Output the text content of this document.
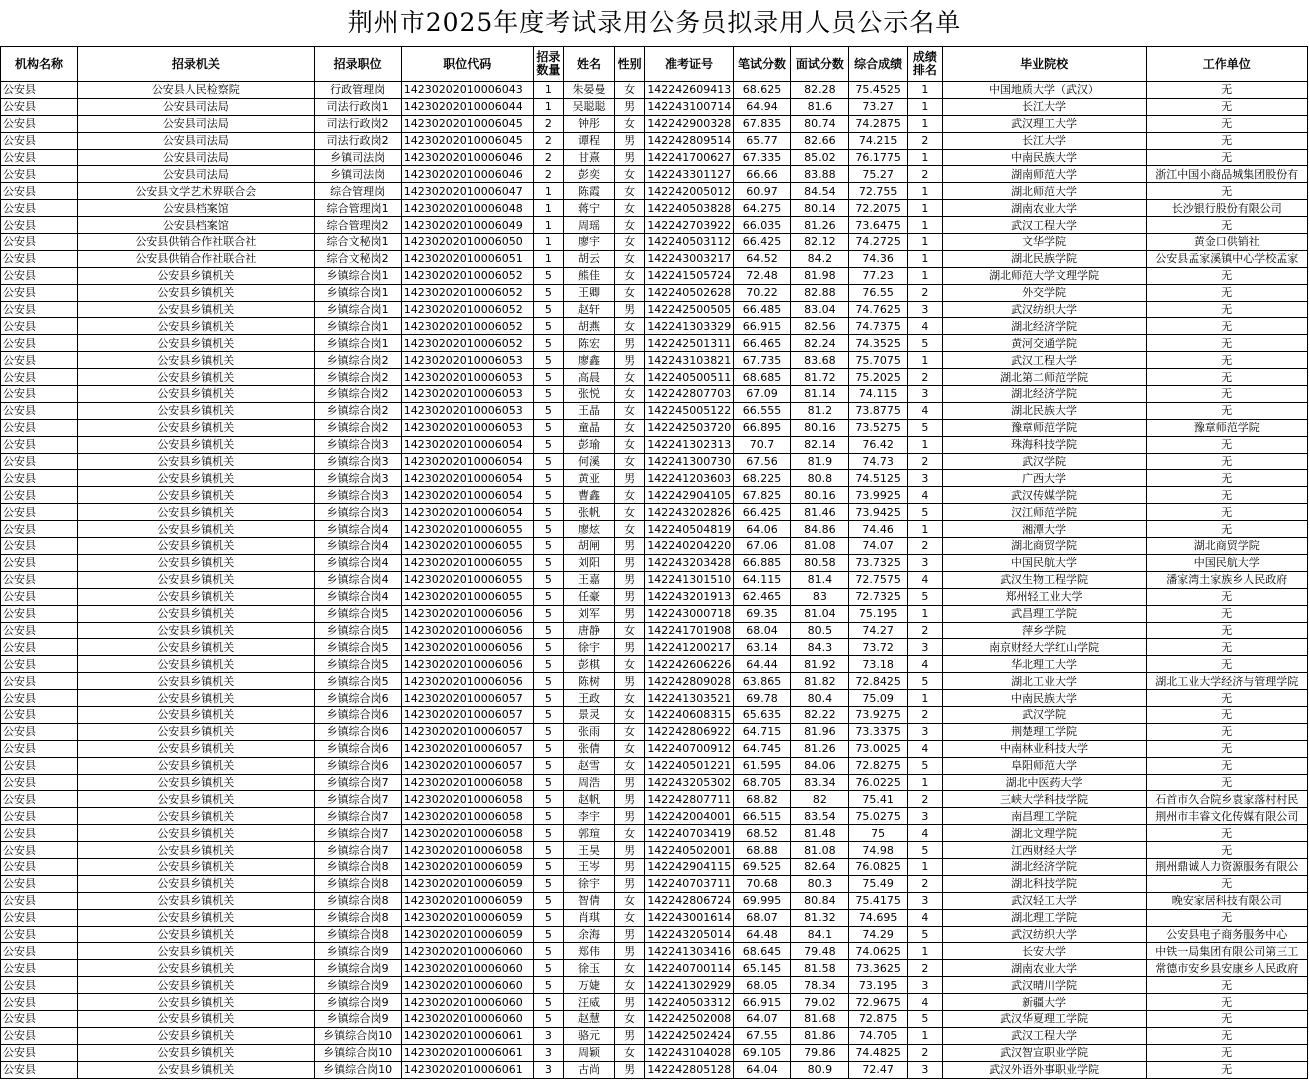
荆州市2025年度考试录用公务员拟录用人员公示名单
机构名称	招录机关	招录职位	职位代码	招录数量	姓名	性别	准考证号	笔试分数	面试分数	综合成绩	成绩排名	毕业院校	工作单位
公安县	公安县人民检察院	行政管理岗	14230202010006043	1	朱晏曼	女	142242609413	68.625	82.28	75.4525	1	中国地质大学（武汉）	无
公安县	公安县司法局	司法行政岗1	14230202010006044	1	吴聪聪	男	142243100714	64.94	81.6	73.27	1	长江大学	无
公安县	公安县司法局	司法行政岗2	14230202010006045	2	钟彤	女	142242900328	67.835	80.74	74.2875	1	武汉理工大学	无
公安县	公安县司法局	司法行政岗2	14230202010006045	2	谭程	男	142242809514	65.77	82.66	74.215	2	长江大学	无
公安县	公安县司法局	乡镇司法岗	14230202010006046	2	甘熹	男	142241700627	67.335	85.02	76.1775	1	中南民族大学	无
公安县	公安县司法局	乡镇司法岗	14230202010006046	2	彭奕	女	142243301127	66.66	83.88	75.27	2	湖南师范大学	浙江中国小商品城集团股份有
公安县	公安县文学艺术界联合会	综合管理岗	14230202010006047	1	陈霞	女	142242005012	60.97	84.54	72.755	1	湖北师范大学	无
公安县	公安县档案馆	综合管理岗1	14230202010006048	1	蒋宁	女	142240503828	64.275	80.14	72.2075	1	湖南农业大学	长沙银行股份有限公司
公安县	公安县档案馆	综合管理岗2	14230202010006049	1	周瑶	女	142242703922	66.035	81.26	73.6475	1	武汉工程大学	无
公安县	公安县供销合作社联合社	综合文秘岗1	14230202010006050	1	廖宇	女	142240503112	66.425	82.12	74.2725	1	文华学院	黄金口供销社
公安县	公安县供销合作社联合社	综合文秘岗2	14230202010006051	1	胡云	女	142243003217	64.52	84.2	74.36	1	湖北民族学院	公安县孟家溪镇中心学校孟家
公安县	公安县乡镇机关	乡镇综合岗1	14230202010006052	5	熊佳	女	142241505724	72.48	81.98	77.23	1	湖北师范大学文理学院	无
公安县	公安县乡镇机关	乡镇综合岗1	14230202010006052	5	王卿	女	142240502628	70.22	82.88	76.55	2	外交学院	无
公安县	公安县乡镇机关	乡镇综合岗1	14230202010006052	5	赵轩	男	142242500505	66.485	83.04	74.7625	3	武汉纺织大学	无
公安县	公安县乡镇机关	乡镇综合岗1	14230202010006052	5	胡燕	女	142241303329	66.915	82.56	74.7375	4	湖北经济学院	无
公安县	公安县乡镇机关	乡镇综合岗1	14230202010006052	5	陈宏	男	142242501311	66.465	82.24	74.3525	5	黄河交通学院	无
公安县	公安县乡镇机关	乡镇综合岗2	14230202010006053	5	廖鑫	男	142243103821	67.735	83.68	75.7075	1	武汉工程大学	无
公安县	公安县乡镇机关	乡镇综合岗2	14230202010006053	5	高晨	女	142240500511	68.685	81.72	75.2025	2	湖北第二师范学院	无
公安县	公安县乡镇机关	乡镇综合岗2	14230202010006053	5	张悦	女	142242807703	67.09	81.14	74.115	3	湖北经济学院	无
公安县	公安县乡镇机关	乡镇综合岗2	14230202010006053	5	王晶	女	142245005122	66.555	81.2	73.8775	4	湖北民族大学	无
公安县	公安县乡镇机关	乡镇综合岗2	14230202010006053	5	童晶	女	142242503720	66.895	80.16	73.5275	5	豫章师范学院	豫章师范学院
公安县	公安县乡镇机关	乡镇综合岗3	14230202010006054	5	彭瑜	女	142241302313	70.7	82.14	76.42	1	珠海科技学院	无
公安县	公安县乡镇机关	乡镇综合岗3	14230202010006054	5	何溪	女	142241300730	67.56	81.9	74.73	2	武汉学院	无
公安县	公安县乡镇机关	乡镇综合岗3	14230202010006054	5	黄亚	男	142241203603	68.225	80.8	74.5125	3	广西大学	无
公安县	公安县乡镇机关	乡镇综合岗3	14230202010006054	5	曹鑫	女	142242904105	67.825	80.16	73.9925	4	武汉传媒学院	无
公安县	公安县乡镇机关	乡镇综合岗3	14230202010006054	5	张帆	女	142243202826	66.425	81.46	73.9425	5	汉江师范学院	无
公安县	公安县乡镇机关	乡镇综合岗4	14230202010006055	5	廖炫	女	142240504819	64.06	84.86	74.46	1	湘潭大学	无
公安县	公安县乡镇机关	乡镇综合岗4	14230202010006055	5	胡闸	男	142240204220	67.06	81.08	74.07	2	湖北商贸学院	湖北商贸学院
公安县	公安县乡镇机关	乡镇综合岗4	14230202010006055	5	刘阳	男	142243203428	66.885	80.58	73.7325	3	中国民航大学	中国民航大学
公安县	公安县乡镇机关	乡镇综合岗4	14230202010006055	5	王嘉	男	142241301510	64.115	81.4	72.7575	4	武汉生物工程学院	潘家湾土家族乡人民政府
公安县	公安县乡镇机关	乡镇综合岗4	14230202010006055	5	任豪	男	142243201913	62.465	83	72.7325	5	郑州轻工业大学	无
公安县	公安县乡镇机关	乡镇综合岗5	14230202010006056	5	刘军	男	142243000718	69.35	81.04	75.195	1	武昌理工学院	无
公安县	公安县乡镇机关	乡镇综合岗5	14230202010006056	5	唐静	女	142241701908	68.04	80.5	74.27	2	萍乡学院	无
公安县	公安县乡镇机关	乡镇综合岗5	14230202010006056	5	徐宇	男	142241200217	63.14	84.3	73.72	3	南京财经大学红山学院	无
公安县	公安县乡镇机关	乡镇综合岗5	14230202010006056	5	彭棋	女	142242606226	64.44	81.92	73.18	4	华北理工大学	无
公安县	公安县乡镇机关	乡镇综合岗5	14230202010006056	5	陈树	男	142242809028	63.865	81.82	72.8425	5	湖北工业大学	湖北工业大学经济与管理学院
公安县	公安县乡镇机关	乡镇综合岗6	14230202010006057	5	王政	女	142241303521	69.78	80.4	75.09	1	中南民族大学	无
公安县	公安县乡镇机关	乡镇综合岗6	14230202010006057	5	景灵	女	142240608315	65.635	82.22	73.9275	2	武汉学院	无
公安县	公安县乡镇机关	乡镇综合岗6	14230202010006057	5	张雨	女	142242806922	64.715	81.96	73.3375	3	荆楚理工学院	无
公安县	公安县乡镇机关	乡镇综合岗6	14230202010006057	5	张倩	女	142240700912	64.745	81.26	73.0025	4	中南林业科技大学	无
公安县	公安县乡镇机关	乡镇综合岗6	14230202010006057	5	赵雪	女	142240501221	61.595	84.06	72.8275	5	阜阳师范大学	无
公安县	公安县乡镇机关	乡镇综合岗7	14230202010006058	5	周浩	男	142243205302	68.705	83.34	76.0225	1	湖北中医药大学	无
公安县	公安县乡镇机关	乡镇综合岗7	14230202010006058	5	赵帆	男	142242807711	68.82	82	75.41	2	三峡大学科技学院	石首市久合院乡袁家落村村民
公安县	公安县乡镇机关	乡镇综合岗7	14230202010006058	5	李宇	男	142242004001	66.515	83.54	75.0275	3	南昌理工学院	荆州市丰睿文化传媒有限公司
公安县	公安县乡镇机关	乡镇综合岗7	14230202010006058	5	郭瑄	女	142240703419	68.52	81.48	75	4	湖北文理学院	无
公安县	公安县乡镇机关	乡镇综合岗7	14230202010006058	5	王昊	男	142240502001	68.88	81.08	74.98	5	江西财经大学	无
公安县	公安县乡镇机关	乡镇综合岗8	14230202010006059	5	王岑	男	142242904115	69.525	82.64	76.0825	1	湖北经济学院	荆州鼎诚人力资源服务有限公
公安县	公安县乡镇机关	乡镇综合岗8	14230202010006059	5	徐宇	男	142240703711	70.68	80.3	75.49	2	湖北科技学院	无
公安县	公安县乡镇机关	乡镇综合岗8	14230202010006059	5	智倩	女	142242806724	69.995	80.84	75.4175	3	武汉轻工大学	晚安家居科技有限公司
公安县	公安县乡镇机关	乡镇综合岗8	14230202010006059	5	肖琪	女	142243001614	68.07	81.32	74.695	4	湖北理工学院	无
公安县	公安县乡镇机关	乡镇综合岗8	14230202010006059	5	余海	男	142243205014	64.48	84.1	74.29	5	武汉纺织大学	公安县电子商务服务中心
公安县	公安县乡镇机关	乡镇综合岗9	14230202010006060	5	郑伟	男	142241303416	68.645	79.48	74.0625	1	长安大学	中铁一局集团有限公司第三工
公安县	公安县乡镇机关	乡镇综合岗9	14230202010006060	5	徐玉	女	142240700114	65.145	81.58	73.3625	2	湖南农业大学	常德市安乡县安康乡人民政府
公安县	公安县乡镇机关	乡镇综合岗9	14230202010006060	5	万婕	女	142241302929	68.05	78.34	73.195	3	武汉晴川学院	无
公安县	公安县乡镇机关	乡镇综合岗9	14230202010006060	5	汪威	男	142240503312	66.915	79.02	72.9675	4	新疆大学	无
公安县	公安县乡镇机关	乡镇综合岗9	14230202010006060	5	赵慧	女	142242502008	64.07	81.68	72.875	5	武汉华夏理工学院	无
公安县	公安县乡镇机关	乡镇综合岗10	14230202010006061	3	骆元	男	142242502424	67.55	81.86	74.705	1	武汉工程大学	无
公安县	公安县乡镇机关	乡镇综合岗10	14230202010006061	3	周颖	女	142243104028	69.105	79.86	74.4825	2	武汉智宣职业学院	无
公安县	公安县乡镇机关	乡镇综合岗10	14230202010006061	3	古尚	男	142242805128	64.04	80.9	72.47	3	武汉外语外事职业学院	无
